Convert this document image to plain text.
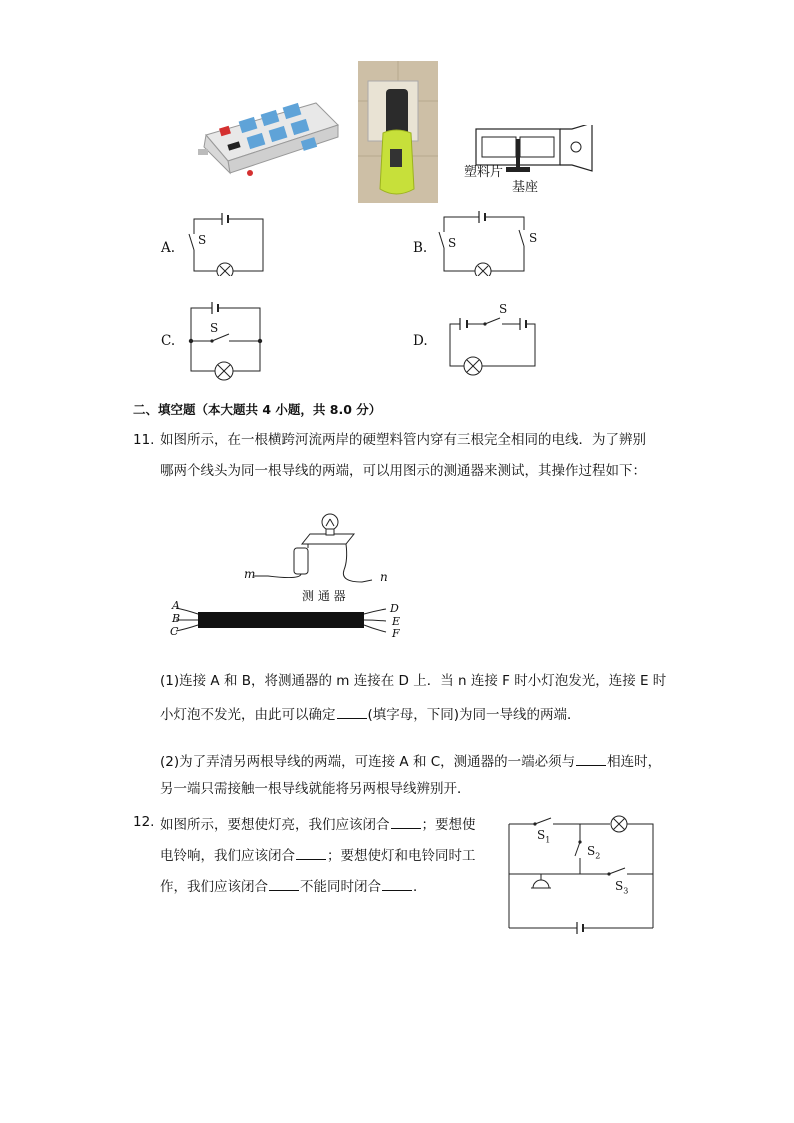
塑料片
基座
A. S	B. S	S
C.
S
D.
S
二、填空题（本大题共 4 小题，共 8.0 分）
11. 如图所示，在一根横跨河流两岸的硬塑料管内穿有三根完全相同的电线．为了辨别
哪两个线头为同一根导线的两端，可以用图示的测通器来测试，其操作过程如下：
m	n
测 通 器
A
B
C
D
E
F
(1)连接 A 和 B，将测通器的 m 连接在 D 上．当 n 连接 F 时小灯泡发光，连接 E 时
小灯泡不发光，由此可以确定 (填字母，下同)为同一导线的两端．
(2)为了弄清另两根导线的两端，可连接 A 和 C，测通器的一端必须与 相连时，
另一端只需接触一根导线就能将另两根导线辨别开．
12. 如图所示，要想使灯亮，我们应该闭合 ；要想使
电铃响，我们应该闭合 ；要想使灯和电铃同时工
作，我们应该闭合 不能同时闭合 ．
$S_1$
$S_2$
$S_3$
